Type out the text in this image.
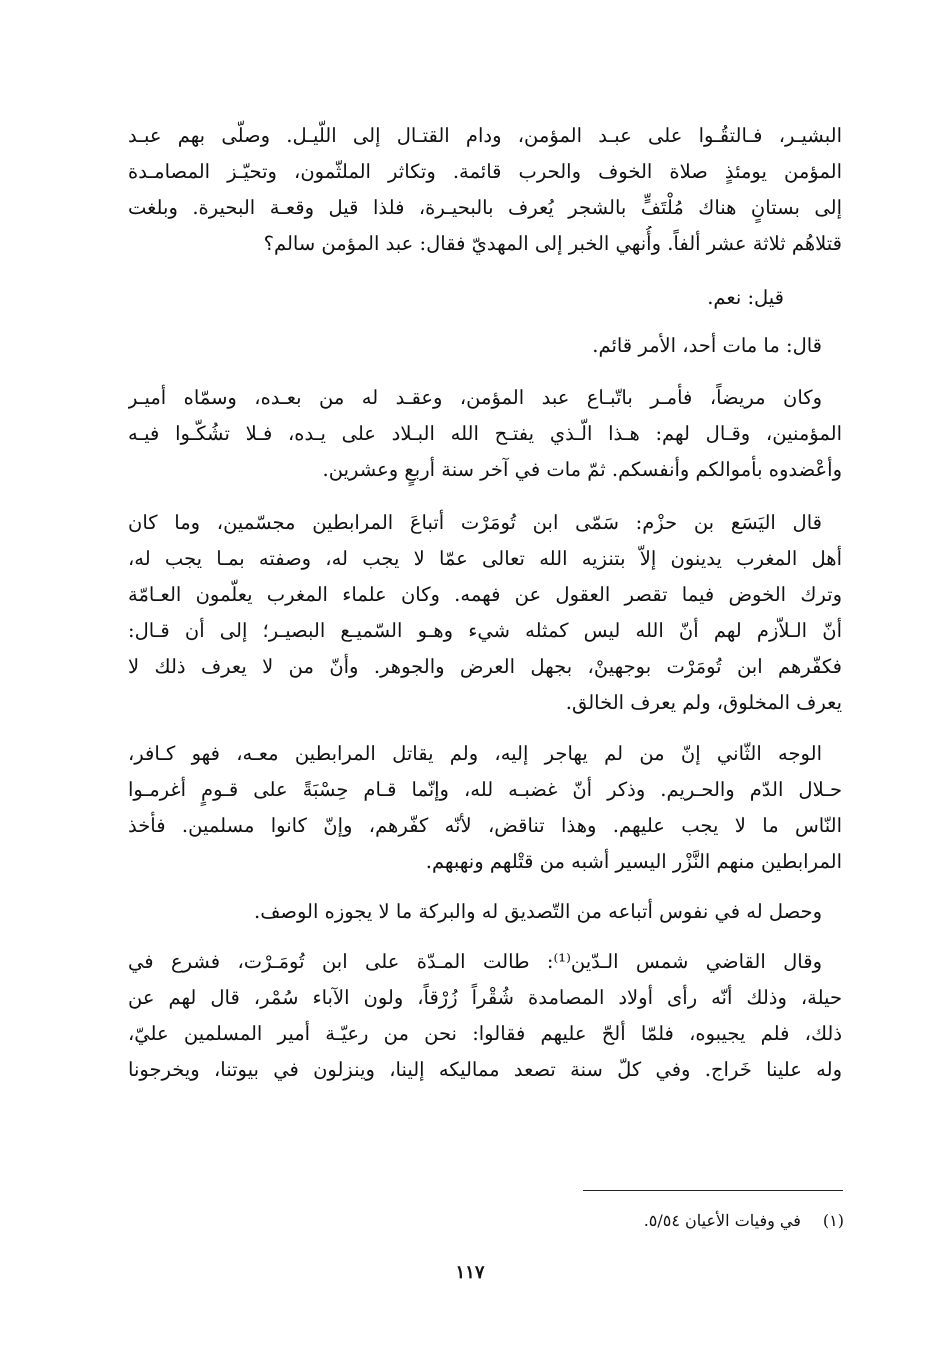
البشيـر، فـالتقُـوا على عبـد المؤمن، ودام القتـال إلى اللّيـل. وصلّى بهم عبـد
المؤمن يومئذٍ صلاة الخوف والحرب قائمة. وتكاثر الملثّمون، وتحيّـز المصامـدة
إلى بستانٍ هناك مُلْتَفٍّ بالشجر يُعرف بالبحيـرة، فلذا قيل وقعـة البحيرة. وبلغت
قتلاهُم ثلاثة عشر ألفاً. وأُنهي الخبر إلى المهديّ فقال: عبد المؤمن سالم؟
قيل: نعم.
قال: ما مات أحد، الأمر قائم.
وكان مريضاً، فأمـر باتّبـاع عبد المؤمن، وعقـد له من بعـده، وسمّاه أميـر
المؤمنين، وقـال لهم: هـذا الّـذي يفتـح الله البـلاد على يـده، فـلا تشُكّـوا فيـه
وأعْضدوه بأموالكم وأنفسكم. ثمّ مات في آخر سنة أربعٍ وعشرين.
قال اليَسَع بن حزْم: سَمّى ابن تُومَرْت أتباعَ المرابطين مجسّمين، وما كان
أهل المغرب يدينون إلاّ بتنزيه الله تعالى عمّا لا يجب له، وصفته بمـا يجب له،
وترك الخوض فيما تقصر العقول عن فهمه. وكان علماء المغرب يعلّمون العـامّة
أنّ الـلاّزم لهم أنّ الله ليس كمثله شيء وهـو السّميـع البصيـر؛ إلى أن قـال:
فكفّرهم ابن تُومَرْت بوجهينْ، بجهل العرض والجوهر. وأنّ من لا يعرف ذلك لا
يعرف المخلوق، ولم يعرف الخالق.
الوجه الثّاني إنّ من لم يهاجر إليه، ولم يقاتل المرابطين معـه، فهو كـافر،
حـلال الدّم والحـريم. وذكر أنّ غضبـه لله، وإنّما قـام حِسْبَةً على قـومٍ أغرمـوا
النّاس ما لا يجب عليهم. وهذا تناقض، لأنّه كفّرهم، وإنّ كانوا مسلمين. فأخذ
المرابطين منهم النَّزْر اليسير أشبه من قتْلهم ونهبهم.
وحصل له في نفوس أتباعه من التّصديق له والبركة ما لا يجوزه الوصف.
وقال القاضي شمس الـدّين⁽¹⁾: طالت المـدّة على ابن تُومَـرْت، فشرع في
حيلة، وذلك أنّه رأى أولاد المصامدة شُقْراً زُرْقاً، ولون الآباء سُمْر، قال لهم عن
ذلك، فلم يجيبوه، فلمّا ألحّ عليهم فقالوا: نحن من رعيّـة أمير المسلمين عليّ،
وله علينا خَراج. وفي كلّ سنة تصعد مماليكه إلينا، وينزلون في بيوتنا، ويخرجونا
(١)في وفيات الأعيان ٥/٥٤.
١١٧
